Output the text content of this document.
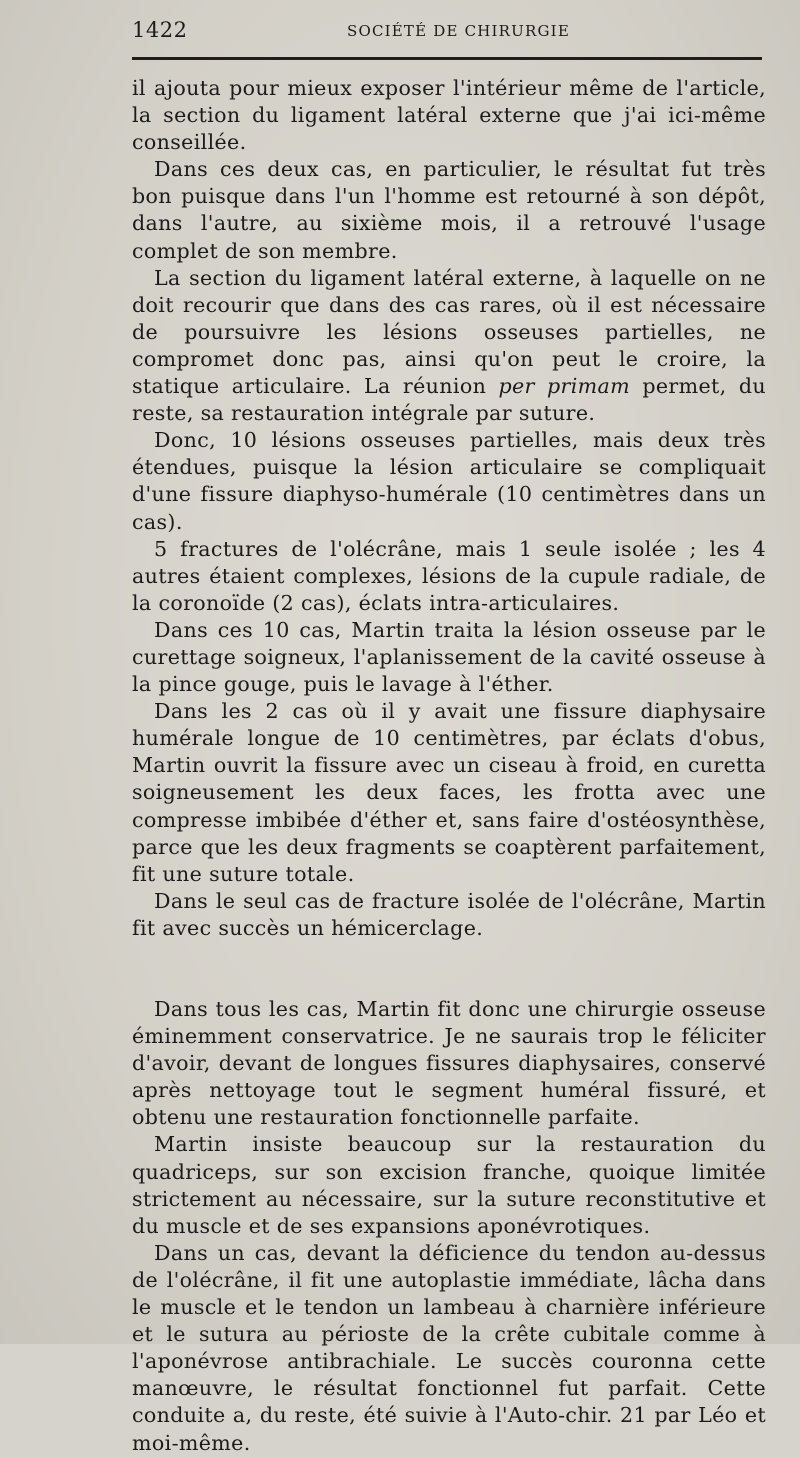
1422	SOCIÉTÉ DE CHIRURGIE

il ajouta pour mieux exposer l'intérieur même de l'article, la section du ligament latéral externe que j'ai ici-même conseillée.

Dans ces deux cas, en particulier, le résultat fut très bon puisque dans l'un l'homme est retourné à son dépôt, dans l'autre, au sixième mois, il a retrouvé l'usage complet de son membre.

La section du ligament latéral externe, à laquelle on ne doit recourir que dans des cas rares, où il est nécessaire de poursuivre les lésions osseuses partielles, ne compromet donc pas, ainsi qu'on peut le croire, la statique articulaire. La réunion per primam permet, du reste, sa restauration intégrale par suture.

Donc, 10 lésions osseuses partielles, mais deux très étendues, puisque la lésion articulaire se compliquait d'une fissure diaphyso-humérale (10 centimètres dans un cas).

5 fractures de l'olécrâne, mais 1 seule isolée ; les 4 autres étaient complexes, lésions de la cupule radiale, de la coronoïde (2 cas), éclats intra-articulaires.

Dans ces 10 cas, Martin traita la lésion osseuse par le curettage soigneux, l'aplanissement de la cavité osseuse à la pince gouge, puis le lavage à l'éther.

Dans les 2 cas où il y avait une fissure diaphysaire humérale longue de 10 centimètres, par éclats d'obus, Martin ouvrit la fissure avec un ciseau à froid, en curetta soigneusement les deux faces, les frotta avec une compresse imbibée d'éther et, sans faire d'ostéosynthèse, parce que les deux fragments se coaptèrent parfaitement, fit une suture totale.

Dans le seul cas de fracture isolée de l'olécrâne, Martin fit avec succès un hémicerclage.

Dans tous les cas, Martin fit donc une chirurgie osseuse éminemment conservatrice. Je ne saurais trop le féliciter d'avoir, devant de longues fissures diaphysaires, conservé après nettoyage tout le segment huméral fissuré, et obtenu une restauration fonctionnelle parfaite.

Martin insiste beaucoup sur la restauration du quadriceps, sur son excision franche, quoique limitée strictement au nécessaire, sur la suture reconstitutive et du muscle et de ses expansions aponévrotiques.

Dans un cas, devant la déficience du tendon au-dessus de l'olécrâne, il fit une autoplastie immédiate, lâcha dans le muscle et le tendon un lambeau à charnière inférieure et le sutura au périoste de la crête cubitale comme à l'aponévrose antibrachiale. Le succès couronna cette manœuvre, le résultat fonctionnel fut parfait. Cette conduite a, du reste, été suivie à l'Auto-chir. 21 par Léo et moi-même.
